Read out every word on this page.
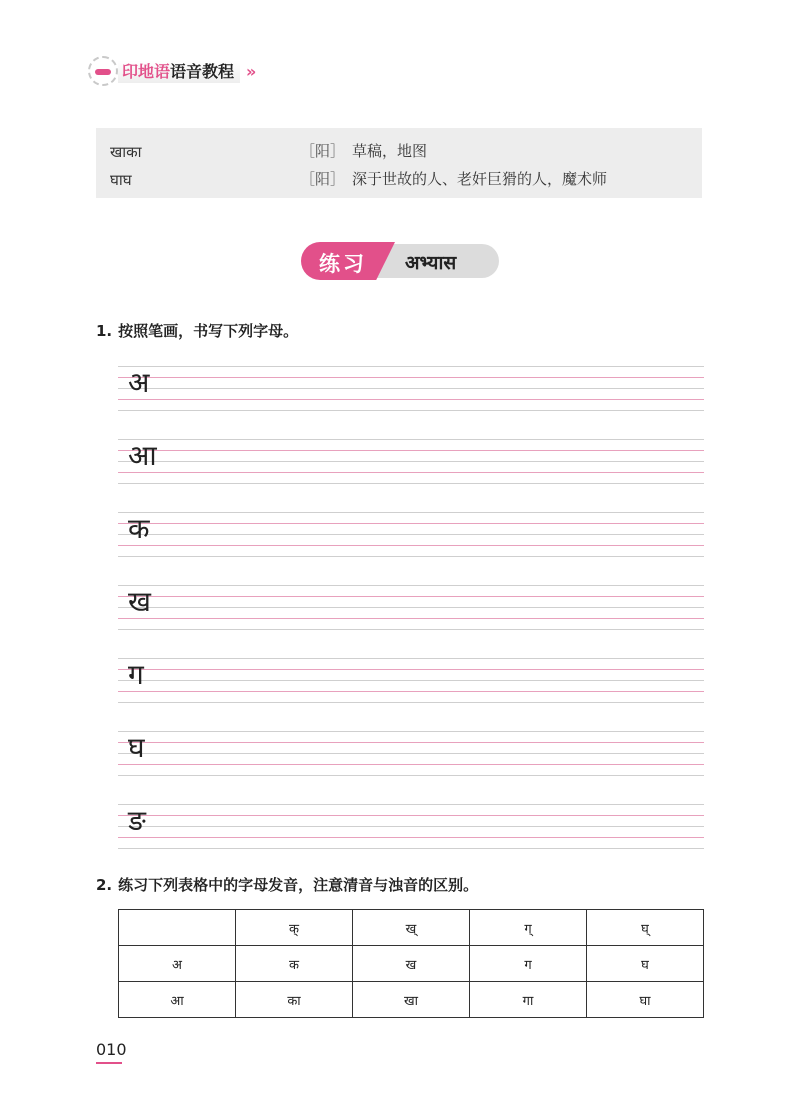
印地语语音教程 »
खाका	［阳］ 草稿，地图
घाघ	［阳］ 深于世故的人、老奸巨猾的人，魔术师
练习 अभ्यास
1. 按照笔画，书写下列字母。
अ
आ
क
ख
ग
घ
ङ
2. 练习下列表格中的字母发音，注意清音与浊音的区别。
	क्	ख्	ग्	घ्
अ	क	ख	ग	घ
आ	का	खा	गा	घा
010
